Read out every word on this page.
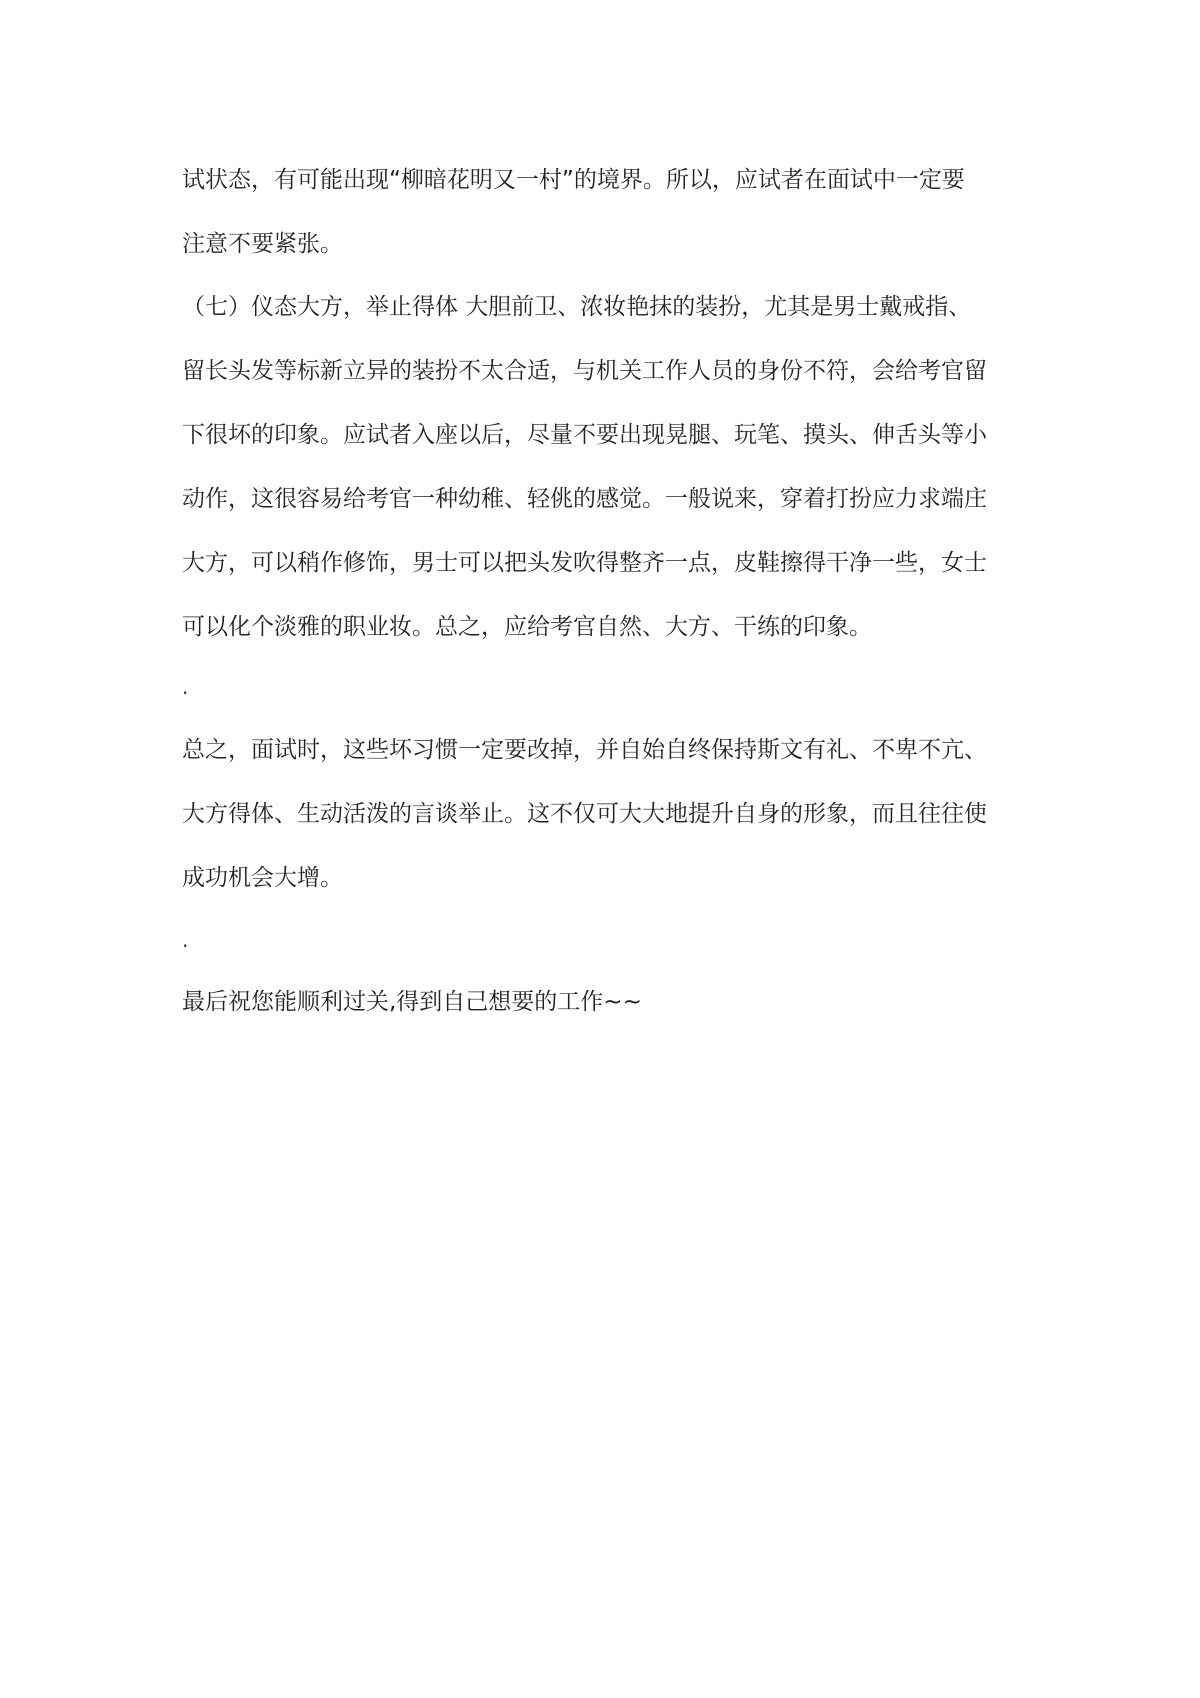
试状态，有可能出现“柳暗花明又一村”的境界。所以，应试者在面试中一定要
注意不要紧张。
（七）仪态大方，举止得体 大胆前卫、浓妆艳抹的装扮，尤其是男士戴戒指、
留长头发等标新立异的装扮不太合适，与机关工作人员的身份不符，会给考官留
下很坏的印象。应试者入座以后，尽量不要出现晃腿、玩笔、摸头、伸舌头等小
动作，这很容易给考官一种幼稚、轻佻的感觉。一般说来，穿着打扮应力求端庄
大方，可以稍作修饰，男士可以把头发吹得整齐一点，皮鞋擦得干净一些，女士
可以化个淡雅的职业妆。总之，应给考官自然、大方、干练的印象。
.
总之，面试时，这些坏习惯一定要改掉，并自始自终保持斯文有礼、不卑不亢、
大方得体、生动活泼的言谈举止。这不仅可大大地提升自身的形象，而且往往使
成功机会大增。
.
最后祝您能顺利过关,得到自己想要的工作~~
